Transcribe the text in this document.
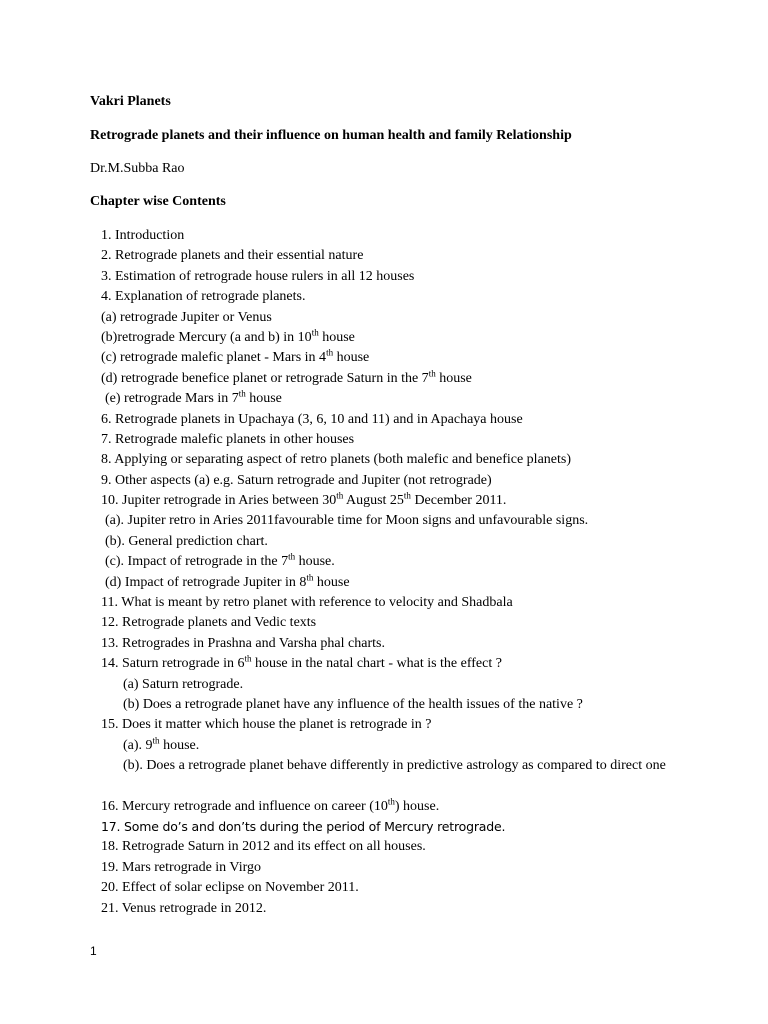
Vakri Planets
Retrograde planets and their influence on human health and family Relationship
Dr.M.Subba Rao
Chapter wise Contents
1. Introduction
2. Retrograde planets and their essential nature
3. Estimation of retrograde house rulers in all 12 houses
4. Explanation of retrograde planets.
(a) retrograde Jupiter or Venus
(b)retrograde Mercury (a and b) in 10th house
(c) retrograde malefic planet - Mars in 4th house
(d) retrograde benefice planet or retrograde Saturn in the 7th house
(e) retrograde Mars in 7th house
6. Retrograde planets in Upachaya (3, 6, 10 and 11) and in Apachaya house
7. Retrograde malefic planets in other houses
8. Applying or separating aspect of retro planets (both malefic and benefice planets)
9. Other aspects (a) e.g. Saturn retrograde and Jupiter (not retrograde)
10. Jupiter retrograde in Aries between 30th August 25th December 2011.
(a). Jupiter retro in Aries 2011favourable time for Moon signs and unfavourable signs.
(b). General prediction chart.
(c). Impact of retrograde in the 7th house.
(d) Impact of retrograde Jupiter in 8th house
11. What is meant by retro planet with reference to velocity and Shadbala
12. Retrograde planets and Vedic texts
13. Retrogrades in Prashna and Varsha phal charts.
14. Saturn retrograde in 6th house in the natal chart - what is the effect ?
(a) Saturn retrograde.
(b) Does a retrograde planet have any influence of the health issues of the native ?
15. Does it matter which house the planet is retrograde in ?
(a). 9th house.
(b). Does a retrograde planet behave differently in predictive astrology as compared to direct one
16. Mercury retrograde and influence on career (10th) house.
17. Some do’s and don’ts during the period of Mercury retrograde.
18. Retrograde Saturn in 2012 and its effect on all houses.
19. Mars retrograde in Virgo
20. Effect of solar eclipse on November 2011.
21. Venus retrograde in 2012.
1
